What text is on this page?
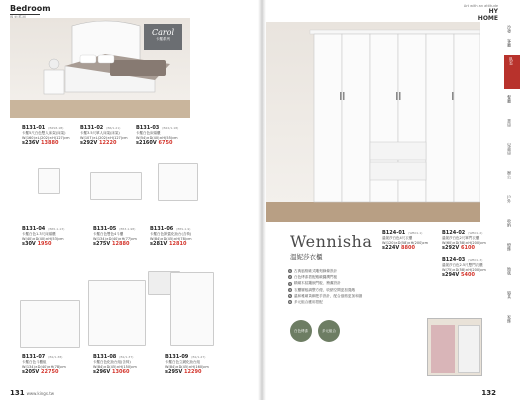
Bedroom
Carol
卡羅系列
B131-01 (B2S8-1B)
卡羅5尺白色雙人床架(床架)
W(160)×L(202)×H(127)cm
s236V 13880
B131-02 (B6/1-21)
卡羅3.5尺單人床架(床架)
W(107)×L(202)×H(127)cm
s292V 12220
B131-03 (B22/1-18)
卡羅白色床頭櫃
W(54)×D(40)×H(55)cm
s2160V 6750
B131-04 (B65-1-13)
卡羅白色1.3尺床頭櫃
W(40)×D(40)×H(53)cm
s30V 1950
B131-05 (B53-1-98)
卡羅白色雙色4斗櫃
W(134)×D(40)×H(77)cm
s275V 12880
B131-06 (B5S-1-9)
卡羅白色掀蓋化妝台(含椅)
W(84)×D(45)×H(78)cm
s281V 12810
B131-07 (B1/1-38)
卡羅白色斗櫃組
W(134)×D(40)×H(78)cm
s205V 22750
B131-08 (B1/1-37)
卡羅白色化妝台組(含椅)
W(84)×D(45)×H(150)cm
s296V 13060
B131-09 (B1/1-47)
卡羅白色立鏡化妝台組
W(84)×D(45)×H(160)cm
s295V 12290
131 www.kings.tw
Art with an attitude
HY
HOME
B124-01 (WB01-1)
溫妮莎白色4尺衣櫃
W(120)×D(58)×H(200)cm
s224V 8800
B124-02 (WB01-2)
溫妮莎白色2尺單門衣櫃
W(60)×D(58)×H(200)cm
s292V 6100
B124-03 (WB01-3)
溫妮莎白色2.5尺雙門衣櫃
W(75)×D(58)×H(200)cm
s294V 5400
132
Wennisha
溫妮莎衣櫃
1 古典風格歐式雕刻線條設計
2 白色烤漆搭配雅緻圓潤門板
3 精緻木紋鑲嵌門板、簡潔設計
4 衣櫃層板調整方便，收納空間更加寬敞
5 溫和雅緻黃銅把手設計，配合風格更加和諧
6 多元組合應用搭配
白色烤漆	多元組合
臥室
沙發
客廳
餐廳
書房
兒童房
辦公
戶外
收納
燈飾
地毯
寢具
家飾
